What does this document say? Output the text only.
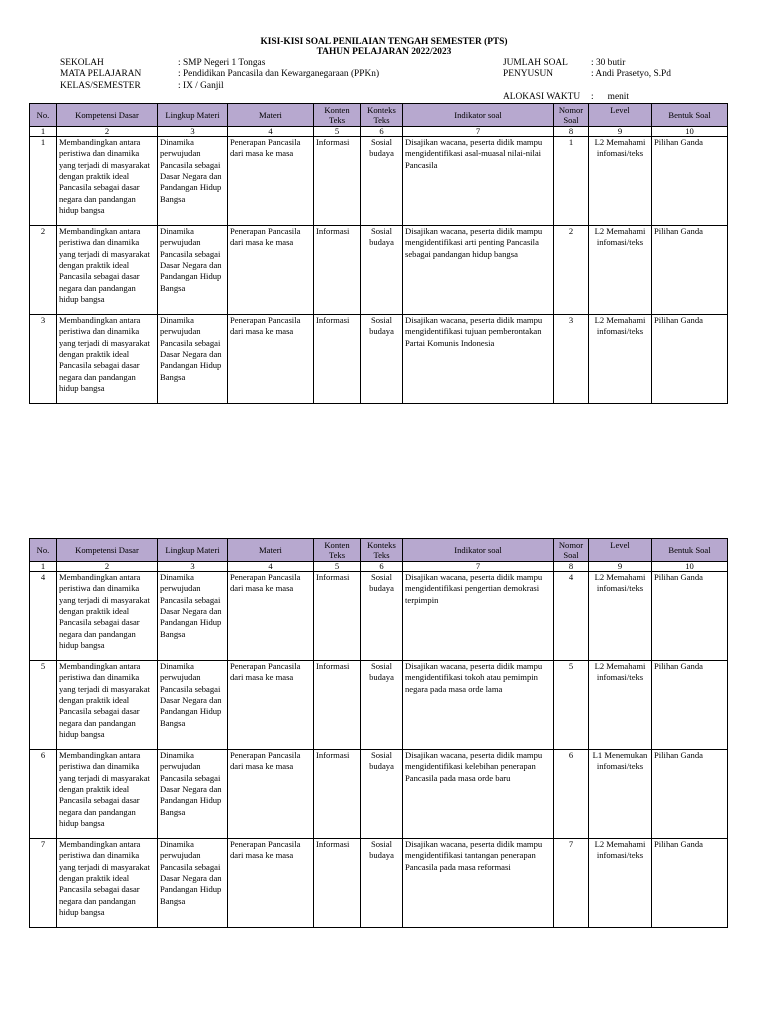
KISI-KISI SOAL PENILAIAN TENGAH SEMESTER (PTS)
TAHUN PELAJARAN 2022/2023
SEKOLAH	: SMP Negeri 1 Tongas
MATA PELAJARAN	: Pendidikan Pancasila dan Kewarganegaraan (PPKn)
KELAS/SEMESTER	: IX / Ganjil
JUMLAH SOAL : 30 butir
PENYUSUN	: Andi Prasetyo, S.Pd
ALOKASI WAKTU :      menit
No.	Kompetensi Dasar	Lingkup Materi	Materi	Konten Teks	Konteks Teks	Indikator soal	Nomor Soal	Level	Bentuk Soal
1	2	3	4	5	6	7	8	9	10
1	Membandingkan antara peristiwa dan dinamika yang terjadi di masyarakat dengan praktik ideal Pancasila sebagai dasar negara dan pandangan hidup bangsa	Dinamika perwujudan Pancasila sebagai Dasar Negara dan Pandangan Hidup Bangsa	Penerapan Pancasila dari masa ke masa	Informasi	Sosial budaya	Disajikan wacana, peserta didik mampu mengidentifikasi asal-muasal nilai-nilai Pancasila	1	L2 Memahami infomasi/teks	Pilihan Ganda
2	Membandingkan antara peristiwa dan dinamika yang terjadi di masyarakat dengan praktik ideal Pancasila sebagai dasar negara dan pandangan hidup bangsa	Dinamika perwujudan Pancasila sebagai Dasar Negara dan Pandangan Hidup Bangsa	Penerapan Pancasila dari masa ke masa	Informasi	Sosial budaya	Disajikan wacana, peserta didik mampu mengidentifikasi arti penting Pancasila sebagai pandangan hidup bangsa	2	L2 Memahami infomasi/teks	Pilihan Ganda
3	Membandingkan antara peristiwa dan dinamika yang terjadi di masyarakat dengan praktik ideal Pancasila sebagai dasar negara dan pandangan hidup bangsa	Dinamika perwujudan Pancasila sebagai Dasar Negara dan Pandangan Hidup Bangsa	Penerapan Pancasila dari masa ke masa	Informasi	Sosial budaya	Disajikan wacana, peserta didik mampu mengidentifikasi tujuan pemberontakan Partai Komunis Indonesia	3	L2 Memahami infomasi/teks	Pilihan Ganda
No.	Kompetensi Dasar	Lingkup Materi	Materi	Konten Teks	Konteks Teks	Indikator soal	Nomor Soal	Level	Bentuk Soal
1	2	3	4	5	6	7	8	9	10
4	Membandingkan antara peristiwa dan dinamika yang terjadi di masyarakat dengan praktik ideal Pancasila sebagai dasar negara dan pandangan hidup bangsa	Dinamika perwujudan Pancasila sebagai Dasar Negara dan Pandangan Hidup Bangsa	Penerapan Pancasila dari masa ke masa	Informasi	Sosial budaya	Disajikan wacana, peserta didik mampu mengidentifikasi pengertian demokrasi terpimpin	4	L2 Memahami infomasi/teks	Pilihan Ganda
5	Membandingkan antara peristiwa dan dinamika yang terjadi di masyarakat dengan praktik ideal Pancasila sebagai dasar negara dan pandangan hidup bangsa	Dinamika perwujudan Pancasila sebagai Dasar Negara dan Pandangan Hidup Bangsa	Penerapan Pancasila dari masa ke masa	Informasi	Sosial budaya	Disajikan wacana, peserta didik mampu mengidentifikasi tokoh atau pemimpin negara pada masa orde lama	5	L2 Memahami infomasi/teks	Pilihan Ganda
6	Membandingkan antara peristiwa dan dinamika yang terjadi di masyarakat dengan praktik ideal Pancasila sebagai dasar negara dan pandangan hidup bangsa	Dinamika perwujudan Pancasila sebagai Dasar Negara dan Pandangan Hidup Bangsa	Penerapan Pancasila dari masa ke masa	Informasi	Sosial budaya	Disajikan wacana, peserta didik mampu mengidentifikasi kelebihan penerapan Pancasila pada masa orde baru	6	L1 Menemukan infomasi/teks	Pilihan Ganda
7	Membandingkan antara peristiwa dan dinamika yang terjadi di masyarakat dengan praktik ideal Pancasila sebagai dasar negara dan pandangan hidup bangsa	Dinamika perwujudan Pancasila sebagai Dasar Negara dan Pandangan Hidup Bangsa	Penerapan Pancasila dari masa ke masa	Informasi	Sosial budaya	Disajikan wacana, peserta didik mampu mengidentifikasi tantangan penerapan Pancasila pada masa reformasi	7	L2 Memahami infomasi/teks	Pilihan Ganda
